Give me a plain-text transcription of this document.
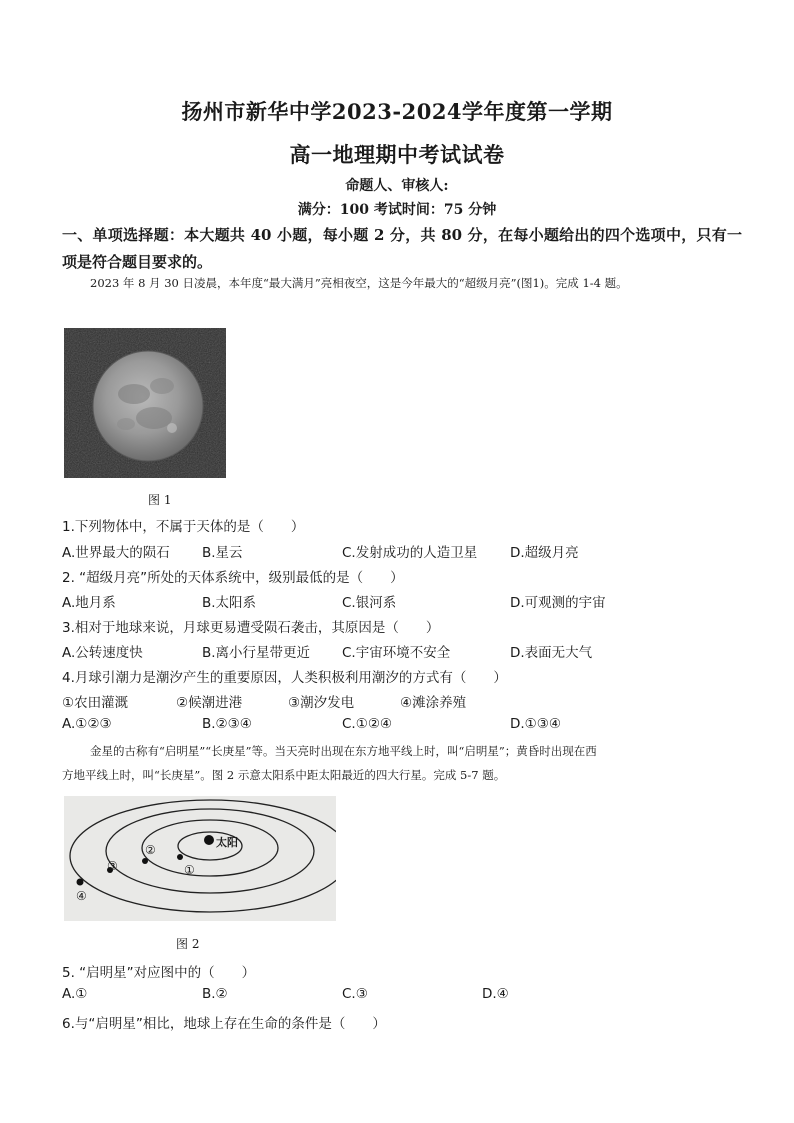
扬州市新华中学2023-2024学年度第一学期
高一地理期中考试试卷
命题人、审核人:
满分：100 考试时间：75 分钟
一、单项选择题：本大题共 40 小题，每小题 2 分，共 80 分，在每小题给出的四个选项中，只有一项是符合题目要求的。
2023 年 8 月 30 日凌晨，本年度“最大满月”亮相夜空，这是今年最大的“超级月亮”(图1)。完成 1-4 题。
图 1
1.下列物体中，不属于天体的是（　　）
A.世界最大的陨石 B.星云	C.发射成功的人造卫星 D.超级月亮
2. “超级月亮”所处的天体系统中，级别最低的是（　　）
A.地月系	B.太阳系	C.银河系	D.可观测的宇宙
3.相对于地球来说，月球更易遭受陨石袭击，其原因是（　　）
A.公转速度快	B.离小行星带更近 C.宇宙环境不安全	D.表面无大气
4.月球引潮力是潮汐产生的重要原因，人类积极利用潮汐的方式有（　　）
①农田灌溉	②候潮进港	③潮汐发电	④滩涂养殖
A.①②③	B.②③④	C.①②④	D.①③④
金星的古称有“启明星”“长庚星”等。当天亮时出现在东方地平线上时，叫“启明星”；黄昏时出现在西
方地平线上时，叫“长庚星”。图 2 示意太阳系中距太阳最近的四大行星。完成 5-7 题。
太阳
①
②
③
④
图 2
5. “启明星”对应图中的（　　）
A.①	B.②	C.③	D.④
6.与“启明星”相比，地球上存在生命的条件是（　　）
